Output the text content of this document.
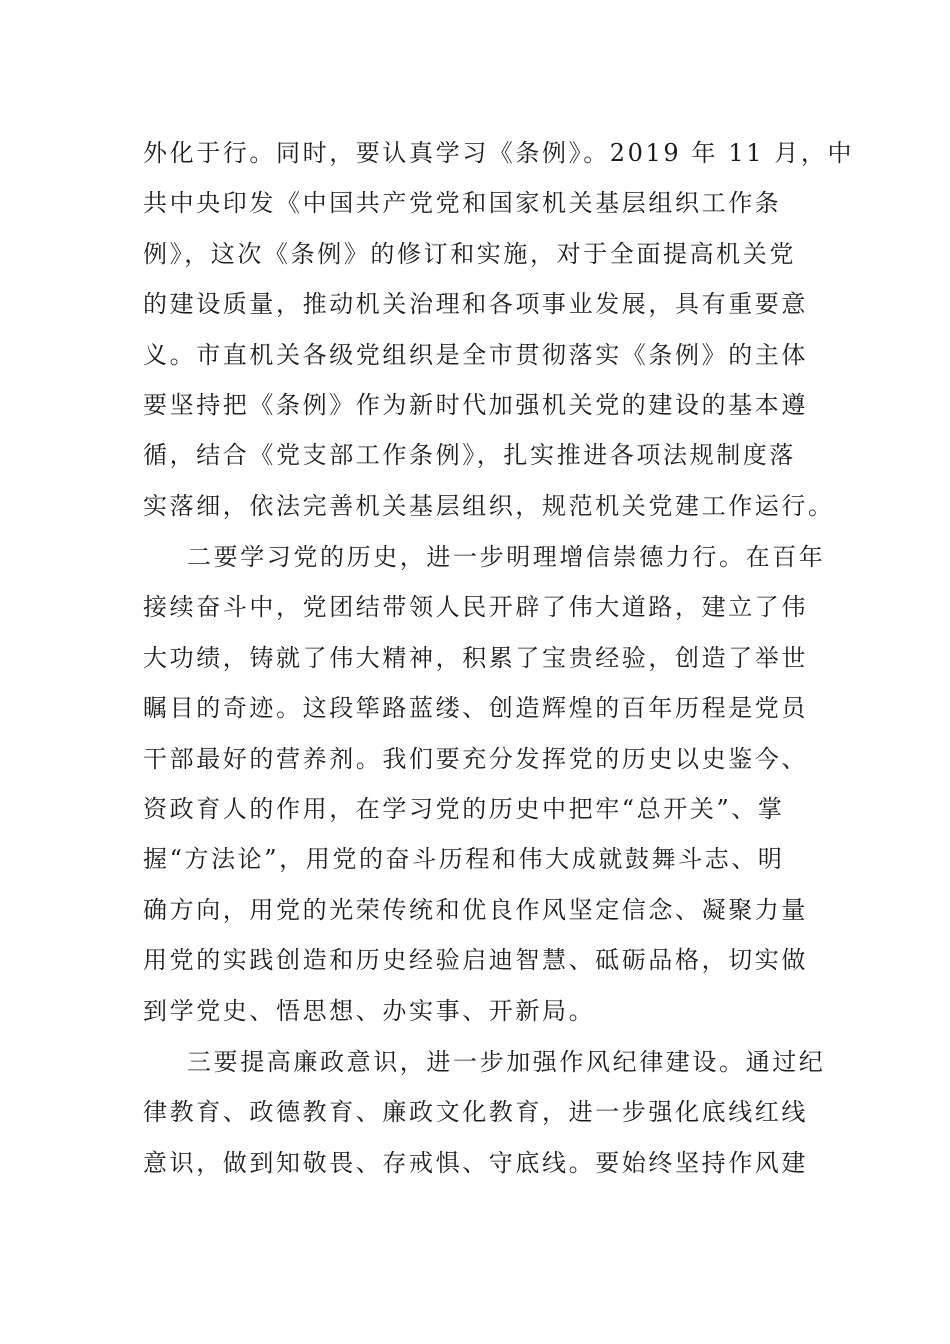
外化于行。同时，要认真学习《条例》。2019 年 11 月，中
共中央印发《中国共产党党和国家机关基层组织工作条
例》，这次《条例》的修订和实施，对于全面提高机关党
的建设质量，推动机关治理和各项事业发展，具有重要意
义。市直机关各级党组织是全市贯彻落实《条例》的主体
要坚持把《条例》作为新时代加强机关党的建设的基本遵
循，结合《党支部工作条例》，扎实推进各项法规制度落
实落细，依法完善机关基层组织，规范机关党建工作运行。
二要学习党的历史，进一步明理增信崇德力行。在百年
接续奋斗中，党团结带领人民开辟了伟大道路，建立了伟
大功绩，铸就了伟大精神，积累了宝贵经验，创造了举世
瞩目的奇迹。这段筚路蓝缕、创造辉煌的百年历程是党员
干部最好的营养剂。我们要充分发挥党的历史以史鉴今、
资政育人的作用，在学习党的历史中把牢“总开关”、掌
握“方法论”，用党的奋斗历程和伟大成就鼓舞斗志、明
确方向，用党的光荣传统和优良作风坚定信念、凝聚力量
用党的实践创造和历史经验启迪智慧、砥砺品格，切实做
到学党史、悟思想、办实事、开新局。
三要提高廉政意识，进一步加强作风纪律建设。通过纪
律教育、政德教育、廉政文化教育，进一步强化底线红线
意识，做到知敬畏、存戒惧、守底线。要始终坚持作风建
